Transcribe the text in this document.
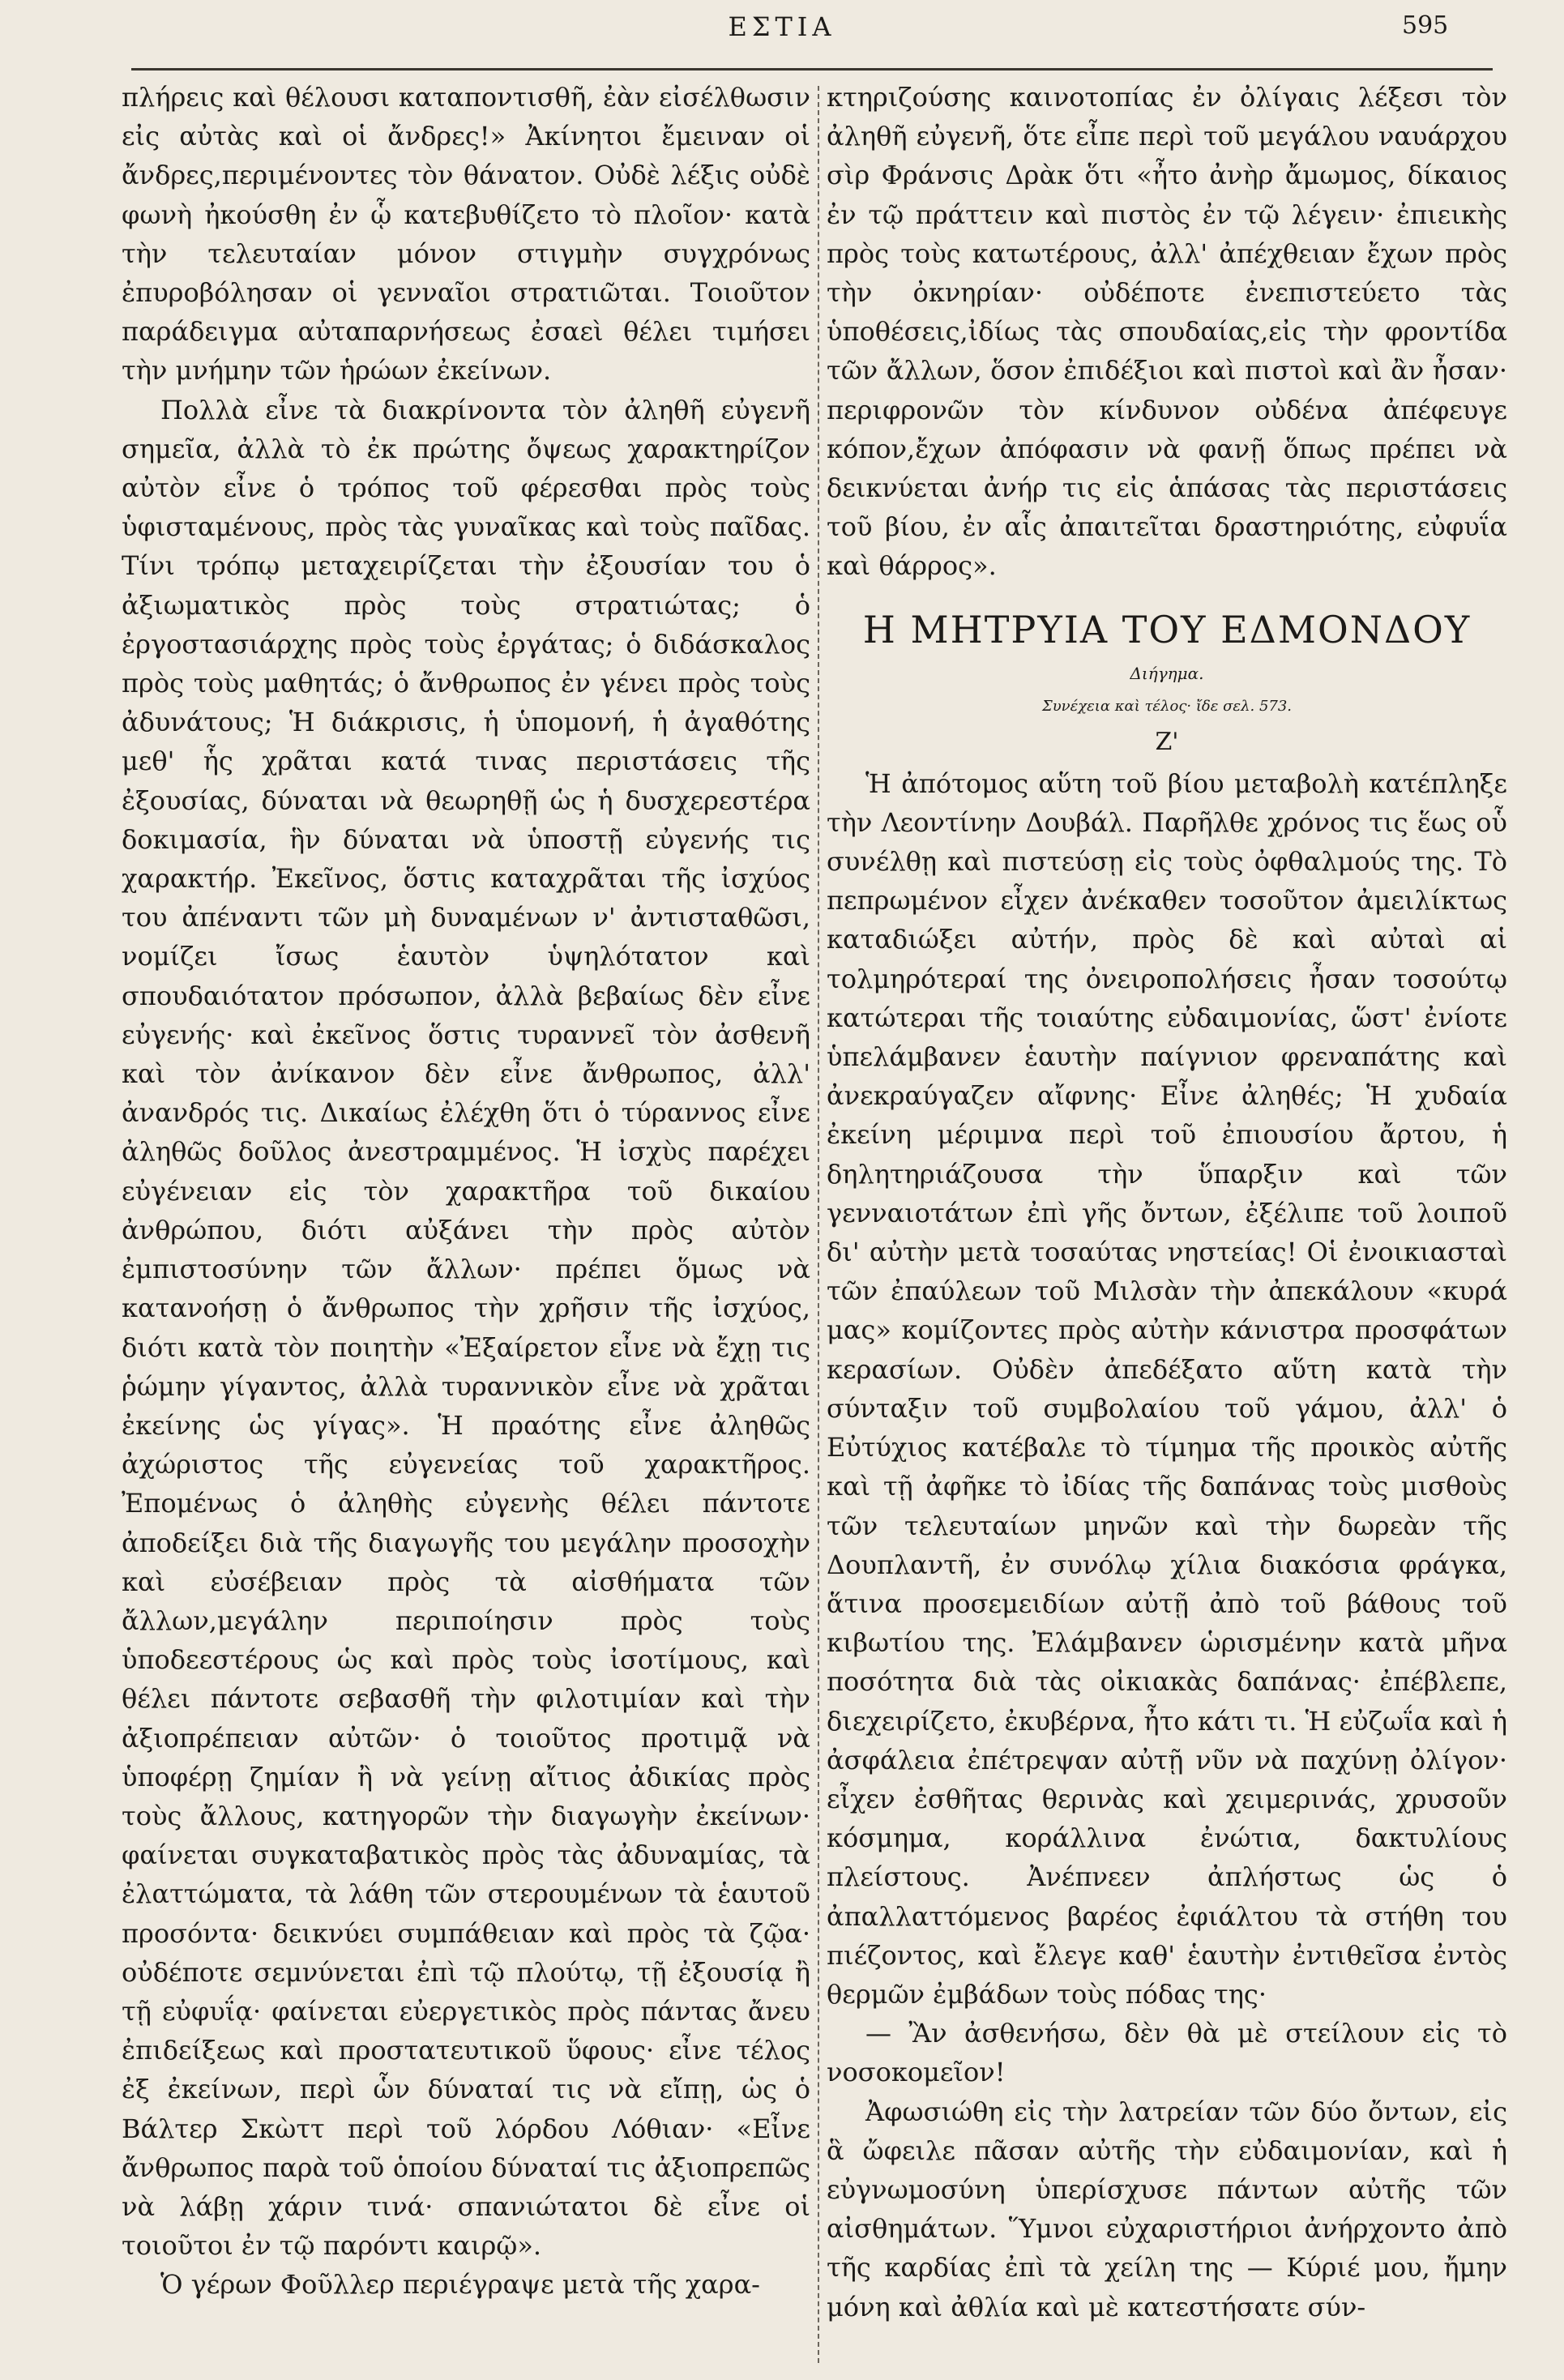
ΕΣΤΙΑ	595

πλήρεις καὶ θέλουσι καταποντισθῆ, ἐὰν εἰσέλθωσιν εἰς αὐτὰς καὶ οἱ ἄνδρες!» Ἀκίνητοι ἔμειναν οἱ ἄνδρες,περιμένοντες τὸν θάνατον. Οὐδὲ λέξις οὐδὲ φωνὴ ἠκούσθη ἐν ᾧ κατεβυθίζετο τὸ πλοῖον· κατὰ τὴν τελευταίαν μόνον στιγμὴν συγχρόνως ἐπυροβόλησαν οἱ γενναῖοι στρατιῶται. Τοιοῦτον παράδειγμα αὐταπαρνήσεως ἐσαεὶ θέλει τιμήσει τὴν μνήμην τῶν ἡρώων ἐκείνων.

Πολλὰ εἶνε τὰ διακρίνοντα τὸν ἀληθῆ εὐγενῆ σημεῖα, ἀλλὰ τὸ ἐκ πρώτης ὄψεως χαρακτηρίζον αὐτὸν εἶνε ὁ τρόπος τοῦ φέρεσθαι πρὸς τοὺς ὑφισταμένους, πρὸς τὰς γυναῖκας καὶ τοὺς παῖδας. Τίνι τρόπῳ μεταχειρίζεται τὴν ἐξουσίαν του ὁ ἀξιωματικὸς πρὸς τοὺς στρατιώτας; ὁ ἐργοστασιάρχης πρὸς τοὺς ἐργάτας; ὁ διδάσκαλος πρὸς τοὺς μαθητάς; ὁ ἄνθρωπος ἐν γένει πρὸς τοὺς ἀδυνάτους; Ἡ διάκρισις, ἡ ὑπομονή, ἡ ἀγαθότης μεθ' ἧς χρᾶται κατά τινας περιστάσεις τῆς ἐξουσίας, δύναται νὰ θεωρηθῇ ὡς ἡ δυσχερεστέρα δοκιμασία, ἣν δύναται νὰ ὑποστῇ εὐγενής τις χαρακτήρ. Ἐκεῖνος, ὅστις καταχρᾶται τῆς ἰσχύος του ἀπέναντι τῶν μὴ δυναμένων ν' ἀντισταθῶσι, νομίζει ἴσως ἑαυτὸν ὑψηλότατον καὶ σπουδαιότατον πρόσωπον, ἀλλὰ βεβαίως δὲν εἶνε εὐγενής· καὶ ἐκεῖνος ὅστις τυραννεῖ τὸν ἀσθενῆ καὶ τὸν ἀνίκανον δὲν εἶνε ἄνθρωπος, ἀλλ' ἀνανδρός τις. Δικαίως ἐλέχθη ὅτι ὁ τύραννος εἶνε ἀληθῶς δοῦλος ἀνεστραμμένος. Ἡ ἰσχὺς παρέχει εὐγένειαν εἰς τὸν χαρακτῆρα τοῦ δικαίου ἀνθρώπου, διότι αὐξάνει τὴν πρὸς αὐτὸν ἐμπιστοσύνην τῶν ἄλλων· πρέπει ὅμως νὰ κατανοήσῃ ὁ ἄνθρωπος τὴν χρῆσιν τῆς ἰσχύος, διότι κατὰ τὸν ποιητὴν «Ἐξαίρετον εἶνε νὰ ἔχῃ τις ῥώμην γίγαντος, ἀλλὰ τυραννικὸν εἶνε νὰ χρᾶται ἐκείνης ὡς γίγας». Ἡ πραότης εἶνε ἀληθῶς ἀχώριστος τῆς εὐγενείας τοῦ χαρακτῆρος. Ἐπομένως ὁ ἀληθὴς εὐγενὴς θέλει πάντοτε ἀποδείξει διὰ τῆς διαγωγῆς του μεγάλην προσοχὴν καὶ εὐσέβειαν πρὸς τὰ αἰσθήματα τῶν ἄλλων,μεγάλην περιποίησιν πρὸς τοὺς ὑποδεεστέρους ὡς καὶ πρὸς τοὺς ἰσοτίμους, καὶ θέλει πάντοτε σεβασθῆ τὴν φιλοτιμίαν καὶ τὴν ἀξιοπρέπειαν αὐτῶν· ὁ τοιοῦτος προτιμᾷ νὰ ὑποφέρῃ ζημίαν ἢ νὰ γείνῃ αἴτιος ἀδικίας πρὸς τοὺς ἄλλους, κατηγορῶν τὴν διαγωγὴν ἐκείνων· φαίνεται συγκαταβατικὸς πρὸς τὰς ἀδυναμίας, τὰ ἐλαττώματα, τὰ λάθη τῶν στερουμένων τὰ ἑαυτοῦ προσόντα· δεικνύει συμπάθειαν καὶ πρὸς τὰ ζῷα· οὐδέποτε σεμνύνεται ἐπὶ τῷ πλούτῳ, τῇ ἐξουσίᾳ ἢ τῇ εὐφυΐᾳ· φαίνεται εὐεργετικὸς πρὸς πάντας ἄνευ ἐπιδείξεως καὶ προστατευτικοῦ ὕφους· εἶνε τέλος ἐξ ἐκείνων, περὶ ὧν δύναταί τις νὰ εἴπῃ, ὡς ὁ Βάλτερ Σκὼττ περὶ τοῦ λόρδου Λόθιαν· «Εἶνε ἄνθρωπος παρὰ τοῦ ὁποίου δύναταί τις ἀξιοπρεπῶς νὰ λάβῃ χάριν τινά· σπανιώτατοι δὲ εἶνε οἱ τοιοῦτοι ἐν τῷ παρόντι καιρῷ».

Ὁ γέρων Φοῦλλερ περιέγραψε μετὰ τῆς χαρα-

κτηριζούσης καινοτοπίας ἐν ὀλίγαις λέξεσι τὸν ἀληθῆ εὐγενῆ, ὅτε εἶπε περὶ τοῦ μεγάλου ναυάρχου σὶρ Φράνσις Δρὰκ ὅτι «ἦτο ἀνὴρ ἄμωμος, δίκαιος ἐν τῷ πράττειν καὶ πιστὸς ἐν τῷ λέγειν· ἐπιεικὴς πρὸς τοὺς κατωτέρους, ἀλλ' ἀπέχθειαν ἔχων πρὸς τὴν ὀκνηρίαν· οὐδέποτε ἐνεπιστεύετο τὰς ὑποθέσεις,ἰδίως τὰς σπουδαίας,εἰς τὴν φροντίδα τῶν ἄλλων, ὅσον ἐπιδέξιοι καὶ πιστοὶ καὶ ἂν ἦσαν· περιφρονῶν τὸν κίνδυνον οὐδένα ἀπέφευγε κόπον,ἔχων ἀπόφασιν νὰ φανῇ ὅπως πρέπει νὰ δεικνύεται ἀνήρ τις εἰς ἁπάσας τὰς περιστάσεις τοῦ βίου, ἐν αἷς ἀπαιτεῖται δραστηριότης, εὐφυΐα καὶ θάρρος».

Η ΜΗΤΡΥΙΑ ΤΟΥ ΕΔΜΟΝΔΟΥ
Διήγημα.
Συνέχεια καὶ τέλος· ἴδε σελ. 573.
Ζ'

Ἡ ἀπότομος αὕτη τοῦ βίου μεταβολὴ κατέπληξε τὴν Λεοντίνην Δουβάλ. Παρῆλθε χρόνος τις ἕως οὗ συνέλθῃ καὶ πιστεύσῃ εἰς τοὺς ὀφθαλμούς της. Τὸ πεπρωμένον εἶχεν ἀνέκαθεν τοσοῦτον ἀμειλίκτως καταδιώξει αὐτήν, πρὸς δὲ καὶ αὐταὶ αἱ τολμηρότεραί της ὀνειροπολήσεις ἦσαν τοσούτῳ κατώτεραι τῆς τοιαύτης εὐδαιμονίας, ὥστ' ἐνίοτε ὑπελάμβανεν ἑαυτὴν παίγνιον φρεναπάτης καὶ ἀνεκραύγαζεν αἴφνης· Εἶνε ἀληθές; Ἡ χυδαία ἐκείνη μέριμνα περὶ τοῦ ἐπιουσίου ἄρτου, ἡ δηλητηριάζουσα τὴν ὕπαρξιν καὶ τῶν γενναιοτάτων ἐπὶ γῆς ὄντων, ἐξέλιπε τοῦ λοιποῦ δι' αὐτὴν μετὰ τοσαύτας νηστείας! Οἱ ἐνοικιασταὶ τῶν ἐπαύλεων τοῦ Μιλσὰν τὴν ἀπεκάλουν «κυρά μας» κομίζοντες πρὸς αὐτὴν κάνιστρα προσφάτων κερασίων. Οὐδὲν ἀπεδέξατο αὕτη κατὰ τὴν σύνταξιν τοῦ συμβολαίου τοῦ γάμου, ἀλλ' ὁ Εὐτύχιος κατέβαλε τὸ τίμημα τῆς προικὸς αὐτῆς καὶ τῇ ἀφῆκε τὸ ἰδίας τῆς δαπάνας τοὺς μισθοὺς τῶν τελευταίων μηνῶν καὶ τὴν δωρεὰν τῆς Δουπλαντῆ, ἐν συνόλῳ χίλια διακόσια φράγκα, ἅτινα προσεμειδίων αὐτῇ ἀπὸ τοῦ βάθους τοῦ κιβωτίου της. Ἐλάμβανεν ὡρισμένην κατὰ μῆνα ποσότητα διὰ τὰς οἰκιακὰς δαπάνας· ἐπέβλεπε, διεχειρίζετο, ἐκυβέρνα, ἦτο κάτι τι. Ἡ εὐζωΐα καὶ ἡ ἀσφάλεια ἐπέτρεψαν αὐτῇ νῦν νὰ παχύνῃ ὀλίγον· εἶχεν ἐσθῆτας θερινὰς καὶ χειμερινάς, χρυσοῦν κόσμημα, κοράλλινα ἐνώτια, δακτυλίους πλείστους. Ἀνέπνεεν ἀπλήστως ὡς ὁ ἀπαλλαττόμενος βαρέος ἐφιάλτου τὰ στήθη του πιέζοντος, καὶ ἔλεγε καθ' ἑαυτὴν ἐντιθεῖσα ἐντὸς θερμῶν ἐμβάδων τοὺς πόδας της·

— Ἂν ἀσθενήσω, δὲν θὰ μὲ στείλουν εἰς τὸ νοσοκομεῖον!

Ἀφωσιώθη εἰς τὴν λατρείαν τῶν δύο ὄντων, εἰς ἃ ὤφειλε πᾶσαν αὐτῆς τὴν εὐδαιμονίαν, καὶ ἡ εὐγνωμοσύνη ὑπερίσχυσε πάντων αὐτῆς τῶν αἰσθημάτων. Ὕμνοι εὐχαριστήριοι ἀνήρχοντο ἀπὸ τῆς καρδίας ἐπὶ τὰ χείλη της — Κύριέ μου, ἤμην μόνη καὶ ἀθλία καὶ μὲ κατεστήσατε σύν-
